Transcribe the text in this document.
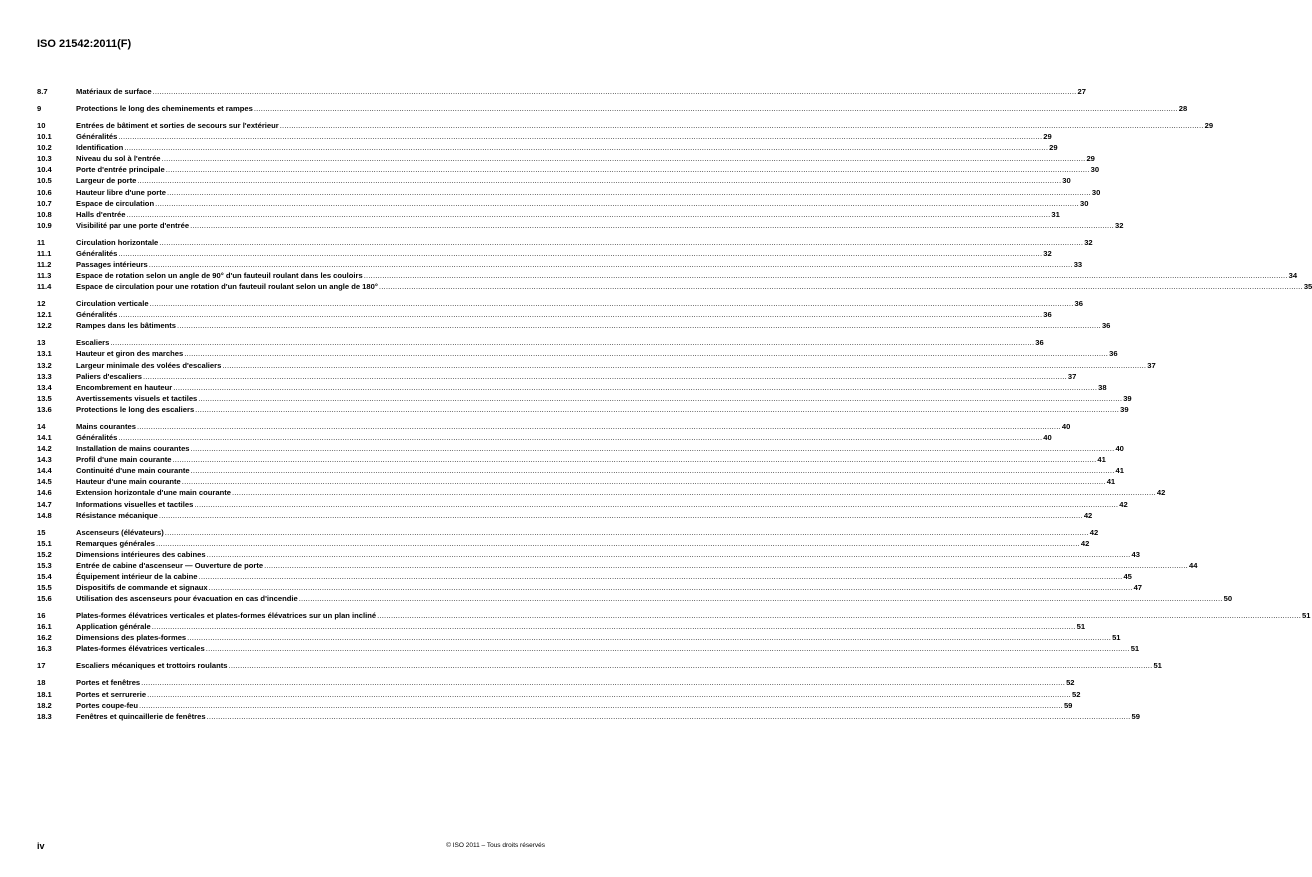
ISO 21542:2011(F)
8.7	Matériaux de surface ................................................................................................................................................................................................................................................................................................................................................................................................................ 27
9	Protections le long des cheminements et rampes ................................................................................................................................................................................................................................................................................................................................................................................................................ 28
10	Entrées de bâtiment et sorties de secours sur l'extérieur ................................................................................................................................................................................................................................................................................................................................................................................................................ 29
10.1	Généralités ................................................................................................................................................................................................................................................................................................................................................................................................................ 29
10.2	Identification ................................................................................................................................................................................................................................................................................................................................................................................................................ 29
10.3	Niveau du sol à l'entrée ................................................................................................................................................................................................................................................................................................................................................................................................................ 29
10.4	Porte d'entrée principale ................................................................................................................................................................................................................................................................................................................................................................................................................ 30
10.5	Largeur de porte ................................................................................................................................................................................................................................................................................................................................................................................................................ 30
10.6	Hauteur libre d'une porte ................................................................................................................................................................................................................................................................................................................................................................................................................ 30
10.7	Espace de circulation ................................................................................................................................................................................................................................................................................................................................................................................................................ 30
10.8	Halls d'entrée ................................................................................................................................................................................................................................................................................................................................................................................................................ 31
10.9	Visibilité par une porte d'entrée ................................................................................................................................................................................................................................................................................................................................................................................................................ 32
11	Circulation horizontale ................................................................................................................................................................................................................................................................................................................................................................................................................ 32
11.1	Généralités ................................................................................................................................................................................................................................................................................................................................................................................................................ 32
11.2	Passages intérieurs ................................................................................................................................................................................................................................................................................................................................................................................................................ 33
11.3	Espace de rotation selon un angle de 90° d'un fauteuil roulant dans les couloirs ................................................................................................................................................................................................................................................................................................................................................................................................................ 34
11.4	Espace de circulation pour une rotation d'un fauteuil roulant selon un angle de 180° ................................................................................................................................................................................................................................................................................................................................................................................................................ 35
12	Circulation verticale ................................................................................................................................................................................................................................................................................................................................................................................................................ 36
12.1	Généralités ................................................................................................................................................................................................................................................................................................................................................................................................................ 36
12.2	Rampes dans les bâtiments ................................................................................................................................................................................................................................................................................................................................................................................................................ 36
13	Escaliers ................................................................................................................................................................................................................................................................................................................................................................................................................ 36
13.1	Hauteur et giron des marches ................................................................................................................................................................................................................................................................................................................................................................................................................ 36
13.2	Largeur minimale des volées d'escaliers ................................................................................................................................................................................................................................................................................................................................................................................................................ 37
13.3	Paliers d'escaliers ................................................................................................................................................................................................................................................................................................................................................................................................................ 37
13.4	Encombrement en hauteur ................................................................................................................................................................................................................................................................................................................................................................................................................ 38
13.5	Avertissements visuels et tactiles ................................................................................................................................................................................................................................................................................................................................................................................................................ 39
13.6	Protections le long des escaliers ................................................................................................................................................................................................................................................................................................................................................................................................................ 39
14	Mains courantes ................................................................................................................................................................................................................................................................................................................................................................................................................ 40
14.1	Généralités ................................................................................................................................................................................................................................................................................................................................................................................................................ 40
14.2	Installation de mains courantes ................................................................................................................................................................................................................................................................................................................................................................................................................ 40
14.3	Profil d'une main courante ................................................................................................................................................................................................................................................................................................................................................................................................................ 41
14.4	Continuité d'une main courante ................................................................................................................................................................................................................................................................................................................................................................................................................ 41
14.5	Hauteur d'une main courante ................................................................................................................................................................................................................................................................................................................................................................................................................ 41
14.6	Extension horizontale d'une main courante ................................................................................................................................................................................................................................................................................................................................................................................................................ 42
14.7	Informations visuelles et tactiles ................................................................................................................................................................................................................................................................................................................................................................................................................ 42
14.8	Résistance mécanique ................................................................................................................................................................................................................................................................................................................................................................................................................ 42
15	Ascenseurs (élévateurs) ................................................................................................................................................................................................................................................................................................................................................................................................................ 42
15.1	Remarques générales ................................................................................................................................................................................................................................................................................................................................................................................................................ 42
15.2	Dimensions intérieures des cabines ................................................................................................................................................................................................................................................................................................................................................................................................................ 43
15.3	Entrée de cabine d'ascenseur — Ouverture de porte ................................................................................................................................................................................................................................................................................................................................................................................................................ 44
15.4	Équipement intérieur de la cabine ................................................................................................................................................................................................................................................................................................................................................................................................................ 45
15.5	Dispositifs de commande et signaux ................................................................................................................................................................................................................................................................................................................................................................................................................ 47
15.6	Utilisation des ascenseurs pour évacuation en cas d'incendie ................................................................................................................................................................................................................................................................................................................................................................................................................ 50
16	Plates-formes élévatrices verticales et plates-formes élévatrices sur un plan incliné ................................................................................................................................................................................................................................................................................................................................................................................................................ 51
16.1	Application générale ................................................................................................................................................................................................................................................................................................................................................................................................................ 51
16.2	Dimensions des plates-formes ................................................................................................................................................................................................................................................................................................................................................................................................................ 51
16.3	Plates-formes élévatrices verticales ................................................................................................................................................................................................................................................................................................................................................................................................................ 51
17	Escaliers mécaniques et trottoirs roulants ................................................................................................................................................................................................................................................................................................................................................................................................................ 51
18	Portes et fenêtres ................................................................................................................................................................................................................................................................................................................................................................................................................ 52
18.1	Portes et serrurerie ................................................................................................................................................................................................................................................................................................................................................................................................................ 52
18.2	Portes coupe-feu ................................................................................................................................................................................................................................................................................................................................................................................................................ 59
18.3	Fenêtres et quincaillerie de fenêtres ................................................................................................................................................................................................................................................................................................................................................................................................................ 59
iv	© ISO 2011 – Tous droits réservés
